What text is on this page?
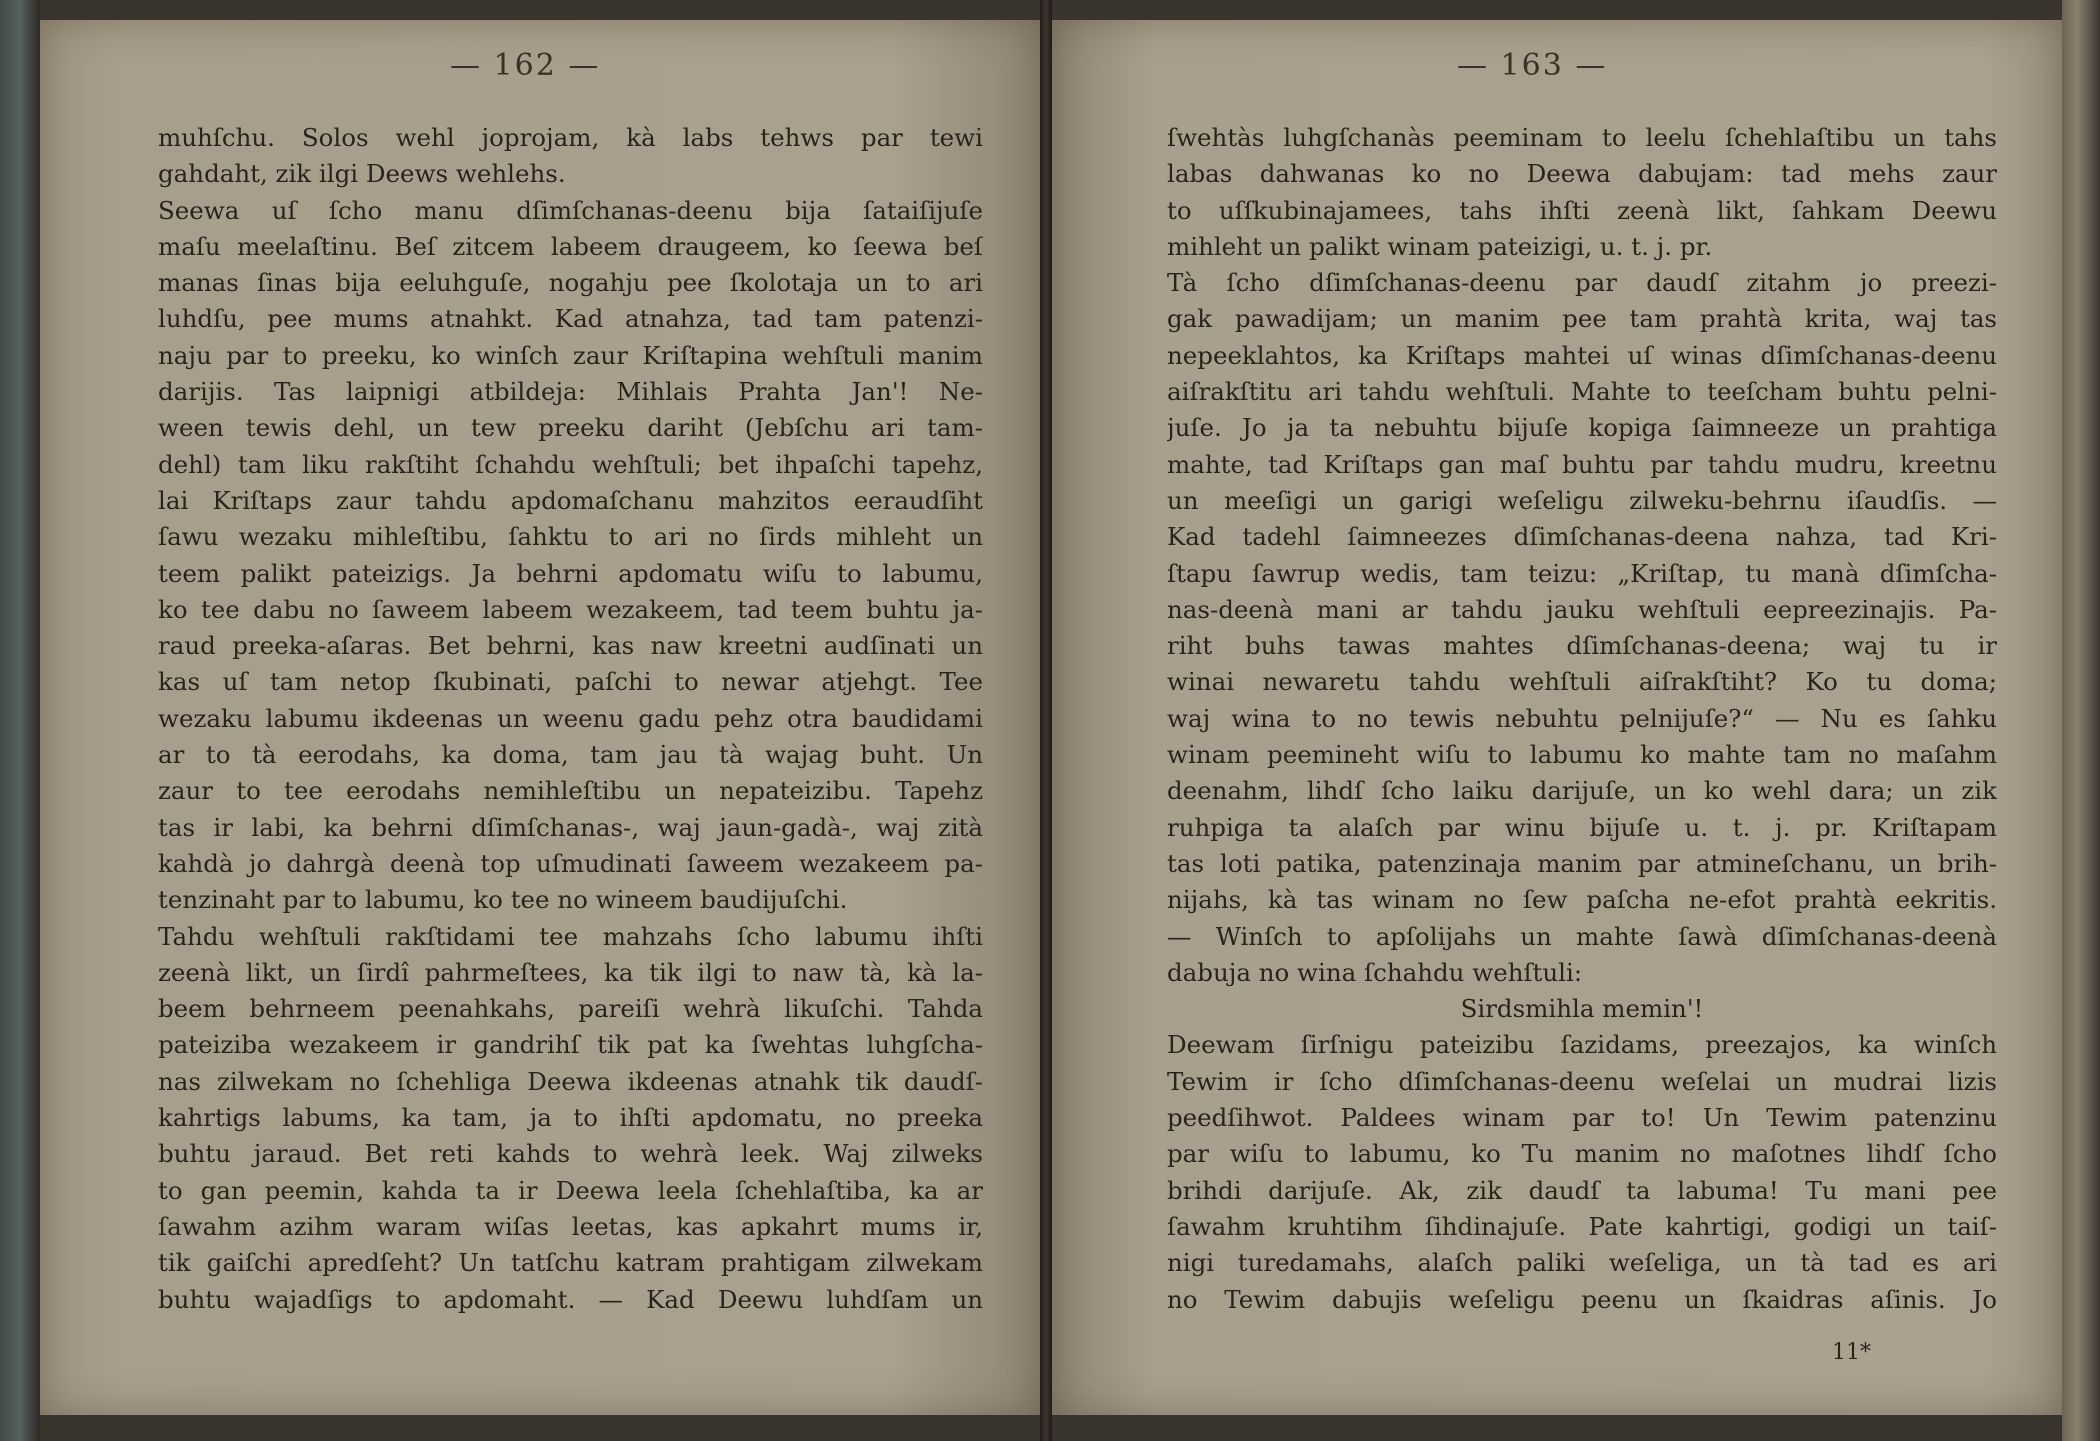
— 162 —
muhſchu. Solos wehl joprojam, kà labs tehws par tewi
gahdaht, zik ilgi Deews wehlehs.
Seewa uſ ſcho manu dſimſchanas-deenu bija ſataiſijuſe
maſu meelaſtinu. Beſ zitcem labeem draugeem, ko ſeewa beſ
manas ſinas bija eeluhguſe, nogahju pee ſkolotaja un to ari
luhdſu, pee mums atnahkt. Kad atnahza, tad tam patenzi-
naju par to preeku, ko winſch zaur Kriſtapina wehſtuli manim
darijis. Tas laipnigi atbildeja: Mihlais Prahta Jan'! Ne-
ween tewis dehl, un tew preeku dariht (Jebſchu ari tam-
dehl) tam liku rakſtiht ſchahdu wehſtuli; bet ihpaſchi tapehz,
lai Kriſtaps zaur tahdu apdomaſchanu mahzitos eeraudſiht
ſawu wezaku mihleſtibu, ſahktu to ari no ſirds mihleht un
teem palikt pateizigs. Ja behrni apdomatu wiſu to labumu,
ko tee dabu no ſaweem labeem wezakeem, tad teem buhtu ja-
raud preeka-aſaras. Bet behrni, kas naw kreetni audſinati un
kas uſ tam netop ſkubinati, paſchi to newar atjehgt. Tee
wezaku labumu ikdeenas un weenu gadu pehz otra baudidami
ar to tà eerodahs, ka doma, tam jau tà wajag buht. Un
zaur to tee eerodahs nemihleſtibu un nepateizibu. Tapehz
tas ir labi, ka behrni dſimſchanas-, waj jaun-gadà-, waj zità
kahdà jo dahrgà deenà top uſmudinati ſaweem wezakeem pa-
tenzinaht par to labumu, ko tee no wineem baudijuſchi.
Tahdu wehſtuli rakſtidami tee mahzahs ſcho labumu ihſti
zeenà likt, un ſirdî pahrmeſtees, ka tik ilgi to naw tà, kà la-
beem behrneem peenahkahs, pareiſi wehrà likuſchi. Tahda
pateiziba wezakeem ir gandrihſ tik pat ka ſwehtas luhgſcha-
nas zilwekam no ſchehliga Deewa ikdeenas atnahk tik daudſ-
kahrtigs labums, ka tam, ja to ihſti apdomatu, no preeka
buhtu jaraud. Bet reti kahds to wehrà leek. Waj zilweks
to gan peemin, kahda ta ir Deewa leela ſchehlaſtiba, ka ar
ſawahm azihm waram wiſas leetas, kas apkahrt mums ir,
tik gaiſchi apredſeht? Un tatſchu katram prahtigam zilwekam
buhtu wajadſigs to apdomaht. — Kad Deewu luhdſam un
— 163 —
ſwehtàs luhgſchanàs peeminam to leelu ſchehlaſtibu un tahs
labas dahwanas ko no Deewa dabujam: tad mehs zaur
to uſſkubinajamees, tahs ihſti zeenà likt, ſahkam Deewu
mihleht un palikt winam pateizigi, u. t. j. pr.
Tà ſcho dſimſchanas-deenu par daudſ zitahm jo preezi-
gak pawadijam; un manim pee tam prahtà krita, waj tas
nepeeklahtos, ka Kriſtaps mahtei uſ winas dſimſchanas-deenu
aiſrakſtitu ari tahdu wehſtuli. Mahte to teeſcham buhtu pelni-
juſe. Jo ja ta nebuhtu bijuſe kopiga ſaimneeze un prahtiga
mahte, tad Kriſtaps gan maſ buhtu par tahdu mudru, kreetnu
un meeſigi un garigi weſeligu zilweku-behrnu iſaudſis. —
Kad tadehl ſaimneezes dſimſchanas-deena nahza, tad Kri-
ſtapu ſawrup wedis, tam teizu: „Kriſtap, tu manà dſimſcha-
nas-deenà mani ar tahdu jauku wehſtuli eepreezinajis. Pa-
riht buhs tawas mahtes dſimſchanas-deena; waj tu ir
winai newaretu tahdu wehſtuli aiſrakſtiht? Ko tu doma;
waj wina to no tewis nebuhtu pelnijuſe?“ — Nu es ſahku
winam peemineht wiſu to labumu ko mahte tam no maſahm
deenahm, lihdſ ſcho laiku darijuſe, un ko wehl dara; un zik
ruhpiga ta alaſch par winu bijuſe u. t. j. pr. Kriſtapam
tas loti patika, patenzinaja manim par atmineſchanu, un brih-
nijahs, kà tas winam no ſew paſcha ne-efot prahtà eekritis.
— Winſch to apſolijahs un mahte ſawà dſimſchanas-deenà
dabuja no wina ſchahdu wehſtuli:
Sirdsmihla memin'!
Deewam ſirſnigu pateizibu ſazidams, preezajos, ka winſch
Tewim ir ſcho dſimſchanas-deenu weſelai un mudrai lizis
peedſihwot. Paldees winam par to! Un Tewim patenzinu
par wiſu to labumu, ko Tu manim no maſotnes lihdſ ſcho
brihdi darijuſe. Ak, zik daudſ ta labuma! Tu mani pee
ſawahm kruhtihm ſihdinajuſe. Pate kahrtigi, godigi un taiſ-
nigi turedamahs, alaſch paliki weſeliga, un tà tad es ari
no Tewim dabujis weſeligu peenu un ſkaidras aſinis. Jo
11*
